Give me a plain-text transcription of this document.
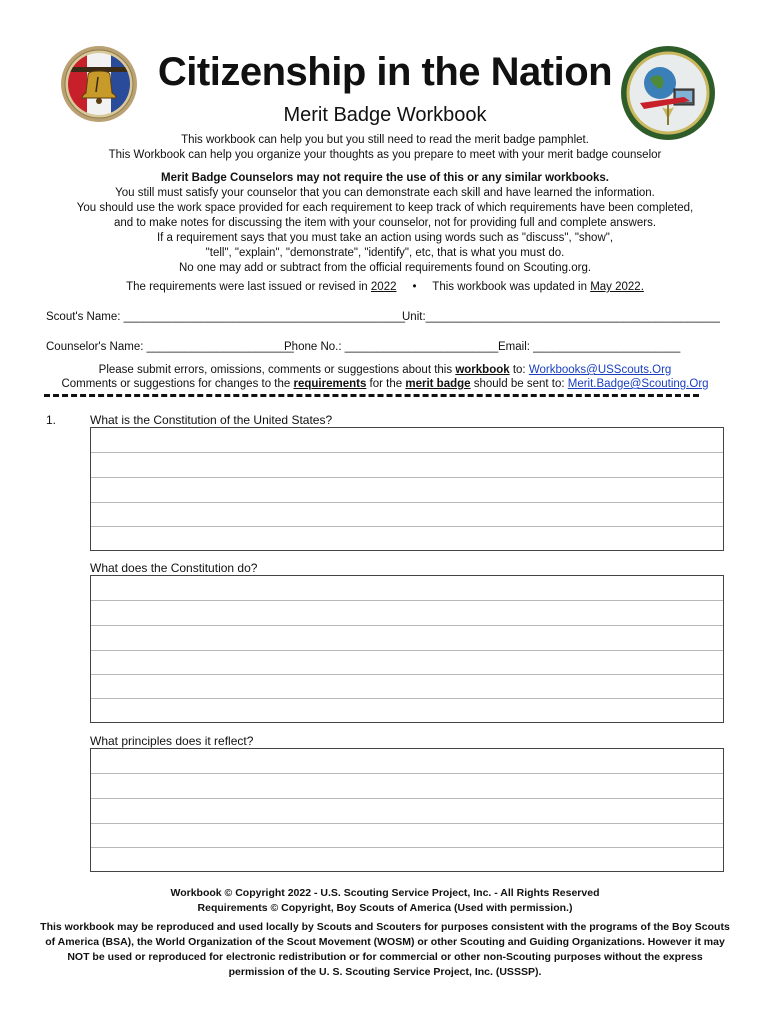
Citizenship in the Nation
Merit Badge Workbook
This workbook can help you but you still need to read the merit badge pamphlet.
This Workbook can help you organize your thoughts as you prepare to meet with your merit badge counselor
Merit Badge Counselors may not require the use of this or any similar workbooks.
You still must satisfy your counselor that you can demonstrate each skill and have learned the information.
You should use the work space provided for each requirement to keep track of which requirements have been completed,
and to make notes for discussing the item with your counselor, not for providing full and complete answers.
If a requirement says that you must take an action using words such as "discuss", "show",
"tell", "explain", "demonstrate", "identify", etc, that is what you must do.
No one may add or subtract from the official requirements found on Scouting.org.
The requirements were last issued or revised in 2022 • This workbook was updated in May 2022.
Scout's Name: ____________________________________________
Unit:______________________________________________
Counselor's Name: _______________________
Phone No.: ________________________ Email: _______________________
Please submit errors, omissions, comments or suggestions about this workbook to: Workbooks@USScouts.Org
Comments or suggestions for changes to the requirements for the merit badge should be sent to: Merit.Badge@Scouting.Org
1.	What is the Constitution of the United States?
What does the Constitution do?
What principles does it reflect?
Workbook © Copyright 2022 - U.S. Scouting Service Project, Inc. - All Rights Reserved
Requirements © Copyright, Boy Scouts of America (Used with permission.)
This workbook may be reproduced and used locally by Scouts and Scouters for purposes consistent with the programs of the Boy Scouts
of America (BSA), the World Organization of the Scout Movement (WOSM) or other Scouting and Guiding Organizations. However it may
NOT be used or reproduced for electronic redistribution or for commercial or other non-Scouting purposes without the express
permission of the U. S. Scouting Service Project, Inc. (USSSP).
